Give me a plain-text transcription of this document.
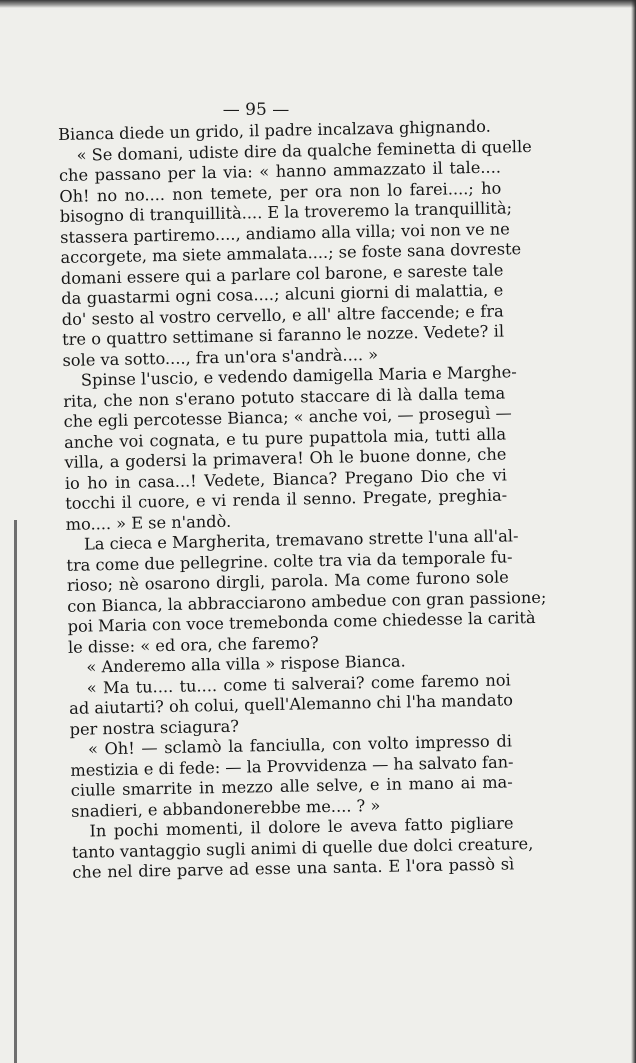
— 95 —
Bianca diede un grido, il padre incalzava ghignando.
« Se domani, udiste dire da qualche feminetta di quelle
che passano per la via: « hanno ammazzato il tale....
Oh! no no.... non temete, per ora non lo farei....; ho
bisogno di tranquillità.... E la troveremo la tranquillità;
stassera partiremo...., andiamo alla villa; voi non ve ne
accorgete, ma siete ammalata....; se foste sana dovreste
domani essere qui a parlare col barone, e sareste tale
da guastarmi ogni cosa....; alcuni giorni di malattia, e
do' sesto al vostro cervello, e all' altre faccende; e fra
tre o quattro settimane si faranno le nozze. Vedete? il
sole va sotto...., fra un'ora s'andrà.... »
Spinse l'uscio, e vedendo damigella Maria e Marghe-
rita, che non s'erano potuto staccare di là dalla tema
che egli percotesse Bianca; « anche voi, — proseguì —
anche voi cognata, e tu pure pupattola mia, tutti alla
villa, a godersi la primavera! Oh le buone donne, che
io ho in casa...! Vedete, Bianca? Pregano Dio che vi
tocchi il cuore, e vi renda il senno. Pregate, preghia-
mo.... » E se n'andò.
La cieca e Margherita, tremavano strette l'una all'al-
tra come due pellegrine. colte tra via da temporale fu-
rioso; nè osarono dirgli, parola. Ma come furono sole
con Bianca, la abbracciarono ambedue con gran passione;
poi Maria con voce tremebonda come chiedesse la carità
le disse: « ed ora, che faremo?
« Anderemo alla villa » rispose Bianca.
« Ma tu.... tu.... come ti salverai? come faremo noi
ad aiutarti? oh colui, quell'Alemanno chi l'ha mandato
per nostra sciagura?
« Oh! — sclamò la fanciulla, con volto impresso di
mestizia e di fede: — la Provvidenza — ha salvato fan-
ciulle smarrite in mezzo alle selve, e in mano ai ma-
snadieri, e abbandonerebbe me.... ? »
In pochi momenti, il dolore le aveva fatto pigliare
tanto vantaggio sugli animi di quelle due dolci creature,
che nel dire parve ad esse una santa. E l'ora passò sì
